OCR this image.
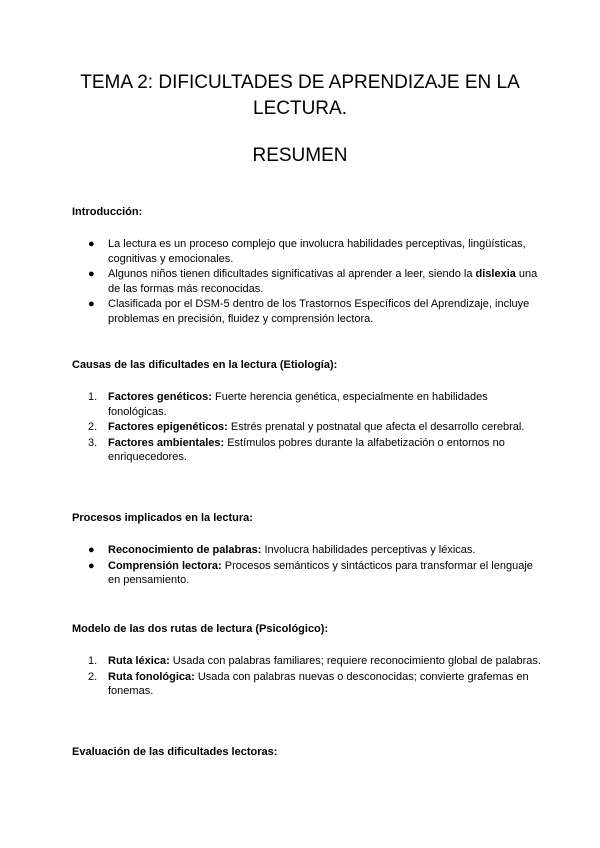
TEMA 2: DIFICULTADES DE APRENDIZAJE EN LA
LECTURA.
RESUMEN

Introducción:

●	La lectura es un proceso complejo que involucra habilidades perceptivas, lingüísticas, cognitivas y emocionales.
●	Algunos niños tienen dificultades significativas al aprender a leer, siendo la dislexia una de las formas más reconocidas.
●	Clasificada por el DSM-5 dentro de los Trastornos Específicos del Aprendizaje, incluye problemas en precisión, fluidez y comprensión lectora.

Causas de las dificultades en la lectura (Etiología):

1. Factores genéticos: Fuerte herencia genética, especialmente en habilidades fonológicas.
2. Factores epigenéticos: Estrés prenatal y postnatal que afecta el desarrollo cerebral.
3. Factores ambientales: Estímulos pobres durante la alfabetización o entornos no enriquecedores.

Procesos implicados en la lectura:

●	Reconocimiento de palabras: Involucra habilidades perceptivas y léxicas.
●	Comprensión lectora: Procesos semánticos y sintácticos para transformar el lenguaje en pensamiento.

Modelo de las dos rutas de lectura (Psicológico):

1. Ruta léxica: Usada con palabras familiares; requiere reconocimiento global de palabras.
2. Ruta fonológica: Usada con palabras nuevas o desconocidas; convierte grafemas en fonemas.

Evaluación de las dificultades lectoras:
